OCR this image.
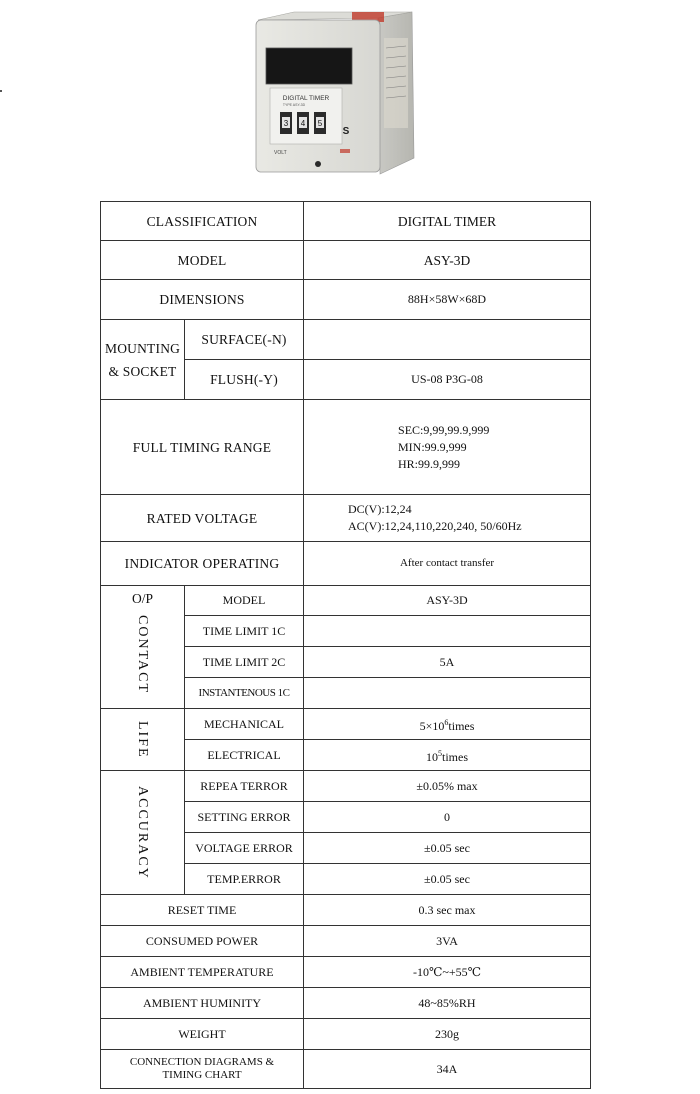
DIGITAL TIMER
TYPE ASY-3D
3 4 5
S
VOLT
CLASSIFICATION		DIGITAL TIMER
MODEL		ASY-3D
DIMENSIONS		88H×58W×68D

MOUNTING
& SOCKET	SURFACE(-N)	
	FLUSH(-Y)	US-08 P3G-08
FULL TIMING RANGE		SEC:9,99,99.9,999
MIN:99.9,999
HR:99.9,999

RATED VOLTAGE		DC(V):12,24
AC(V):12,24,110,220,240, 50/60Hz

INDICATOR OPERATING		After contact transfer

O/P
CONTACT	MODEL	ASY-3D
	TIME LIMIT 1C	
	TIME LIMIT 2C	5A
	INSTANTENOUS 1C	

LIFE	MECHANICAL	$5\times 10^6times$
	ELECTRICAL	$10^5times$

ACCURACY	REPEA TERROR	±0.05% max
	SETTING ERROR	0
	VOLTAGE ERROR	±0.05 sec
	TEMP.ERROR	±0.05 sec
RESET TIME		0.3 sec max
CONSUMED POWER		3VA
AMBIENT TEMPERATURE		-10℃~+55℃
AMBIENT HUMINITY		48~85%RH
WEIGHT		230g

CONNECTION DIAGRAMS &
TIMING CHART		34A
